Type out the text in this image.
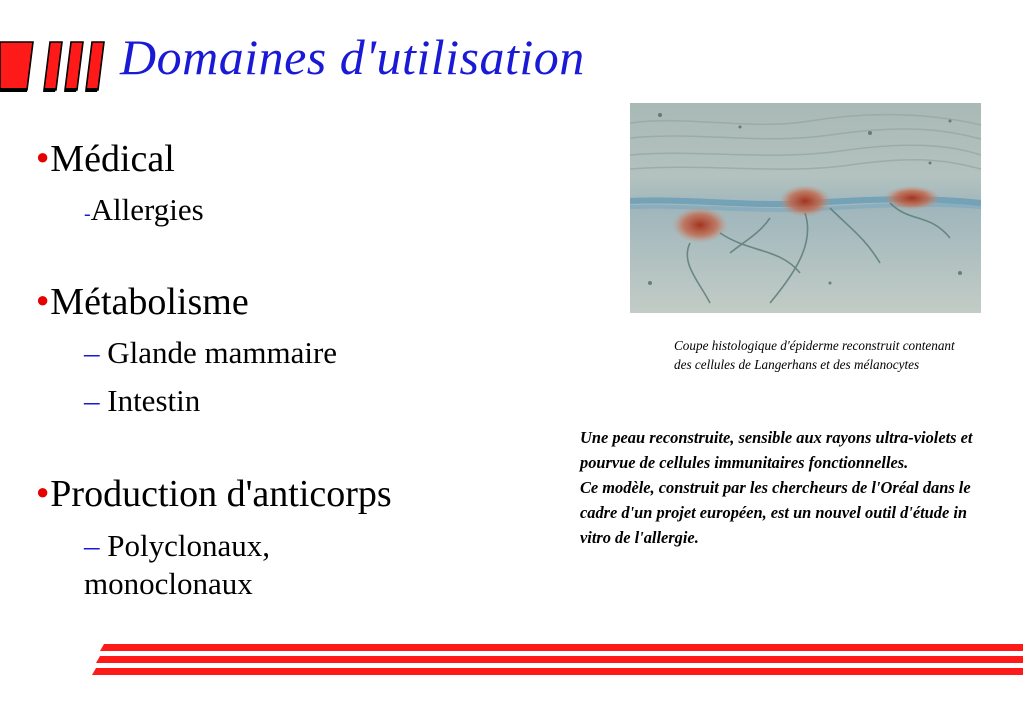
Domaines d'utilisation
●Médical
-Allergies
●Métabolisme
– Glande mammaire
– Intestin
●Production d'anticorps
– Polyclonaux,
monoclonaux
Coupe histologique d'épiderme reconstruit contenant des cellules de Langerhans et des mélanocytes

Une peau reconstruite, sensible aux rayons ultra-violets et pourvue de cellules immunitaires fonctionnelles.

Ce modèle, construit par les chercheurs de l'Oréal dans le cadre d'un projet européen, est un nouvel outil d'étude in vitro de l'allergie.
